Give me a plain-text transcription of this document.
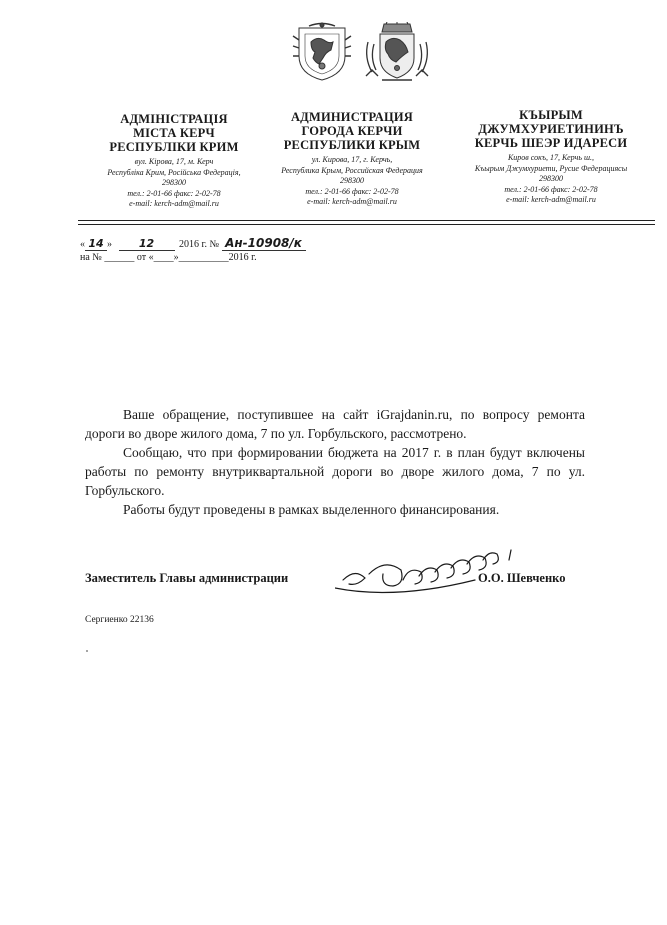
АДМІНІСТРАЦІЯ
МІСТА КЕРЧ
РЕСПУБЛІКИ КРИМ
вул. Кірова, 17, м. Керч
Республіка Крим, Російська Федерація,
298300
тел.: 2-01-66 факс: 2-02-78
e-mail: kerch-adm@mail.ru
АДМИНИСТРАЦИЯ
ГОРОДА КЕРЧИ
РЕСПУБЛИКИ КРЫМ
ул. Кирова, 17, г. Керчь,
Республика Крым, Российская Федерация
298300
тел.: 2-01-66 факс: 2-02-78
e-mail: kerch-adm@mail.ru
КЪЫРЫМ
ДЖУМХУРИЕТИНИНЪ
КЕРЧЬ ШЕЭР ИДАРЕСИ
Киров сокъ, 17, Керчь ш.,
Къырым Джумхуриети, Русие Федерациясы
298300
тел.: 2-01-66 факс: 2-02-78
e-mail: kerch-adm@mail.ru
« 14 » 12 2016 г. № Ан-10908/к
на № ______ от «____»__________2016 г.

Ваше обращение, поступившее на сайт iGrajdanin.ru, по вопросу ремонта дороги во дворе жилого дома, 7 по ул. Горбульского, рассмотрено.

Сообщаю, что при формировании бюджета на 2017 г. в план будут включены работы по ремонту внутриквартальной дороги во дворе жилого дома, 7 по ул. Горбульского.

Работы будут проведены в рамках выделенного финансирования.

Заместитель Главы администрации	О.О. Шевченко
Сергиенко 22136
